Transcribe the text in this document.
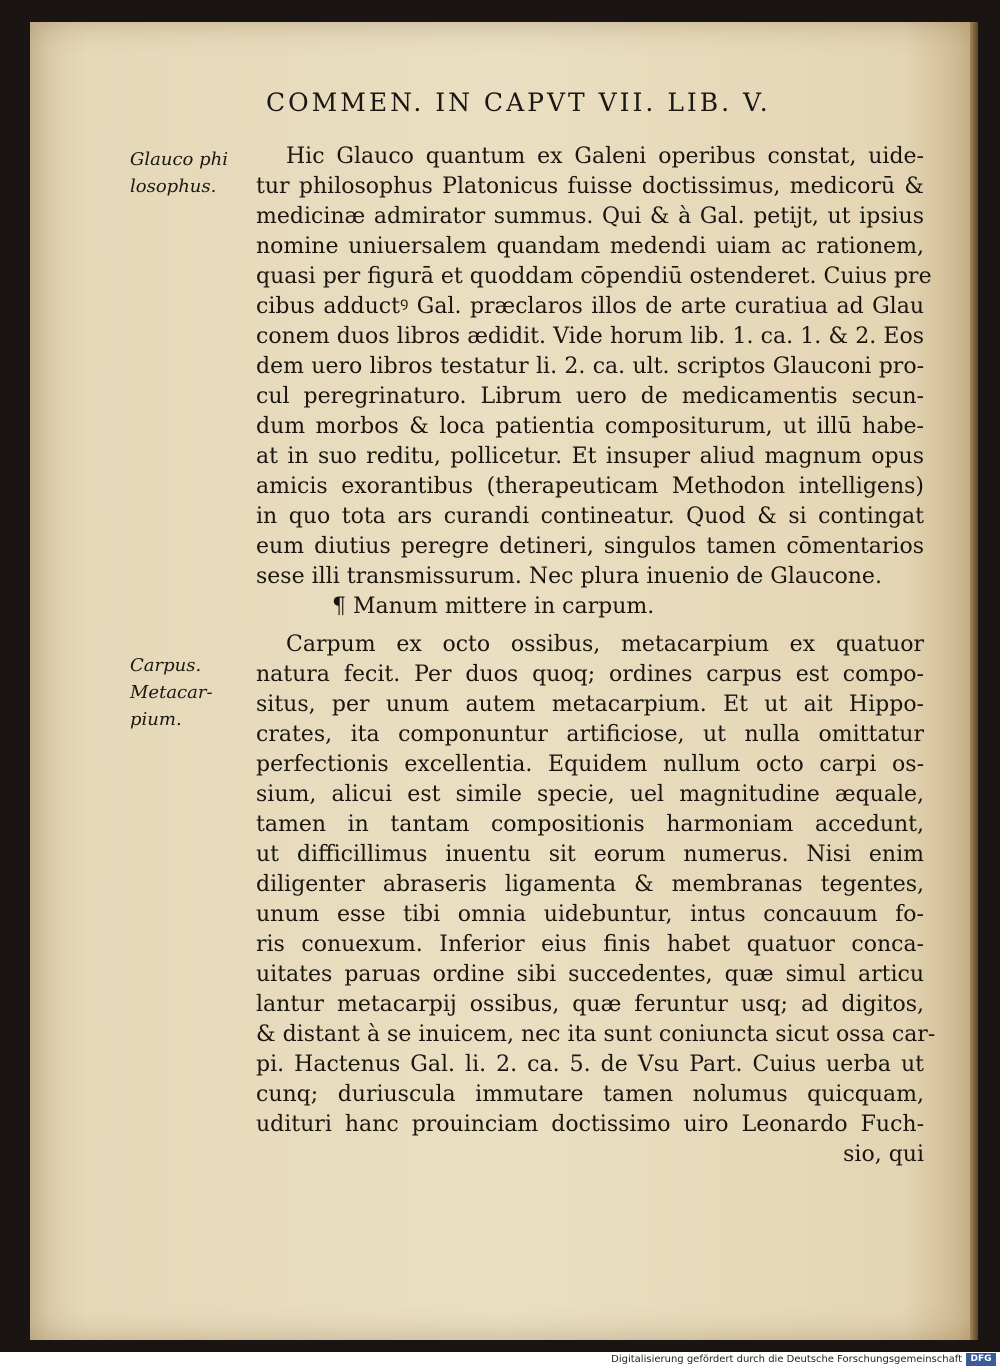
COMMEN. IN CAPVT VII. LIB. V.
Glauco phi
losophus.
Carpus.
Metacar-
pium.
Hic Glauco quantum ex Galeni operibus constat, uide-
tur philosophus Platonicus fuisse doctissimus, medicorū &
medicinæ admirator summus. Qui & à Gal. petijt, ut ipsius
nomine uniuersalem quandam medendi uiam ac rationem,
quasi per figurā et quoddam cōpendiū ostenderet. Cuius pre
cibus adductꝰ Gal. præclaros illos de arte curatiua ad Glau
conem duos libros ædidit. Vide horum lib. 1. ca. 1. & 2. Eos
dem uero libros testatur li. 2. ca. ult. scriptos Glauconi pro-
cul peregrinaturo. Librum uero de medicamentis secun-
dum morbos & loca patientia compositurum, ut illū habe-
at in suo reditu, pollicetur. Et insuper aliud magnum opus
amicis exorantibus (therapeuticam Methodon intelligens)
in quo tota ars curandi contineatur. Quod & si contingat
eum diutius peregre detineri, singulos tamen cōmentarios
sese illi transmissurum. Nec plura inuenio de Glaucone.
¶ Manum mittere in carpum.
Carpum ex octo ossibus, metacarpium ex quatuor
natura fecit. Per duos quoq; ordines carpus est compo-
situs, per unum autem metacarpium. Et ut ait Hippo-
crates, ita componuntur artificiose, ut nulla omittatur
perfectionis excellentia. Equidem nullum octo carpi os-
sium, alicui est simile specie, uel magnitudine æquale,
tamen in tantam compositionis harmoniam accedunt,
ut difficillimus inuentu sit eorum numerus. Nisi enim
diligenter abraseris ligamenta & membranas tegentes,
unum esse tibi omnia uidebuntur, intus concauum fo-
ris conuexum. Inferior eius finis habet quatuor conca-
uitates paruas ordine sibi succedentes, quæ simul articu
lantur metacarpij ossibus, quæ feruntur usq; ad digitos,
& distant à se inuicem, nec ita sunt coniuncta sicut ossa car-
pi. Hactenus Gal. li. 2. ca. 5. de Vsu Part. Cuius uerba ut
cunq; duriuscula immutare tamen nolumus quicquam,
udituri hanc prouinciam doctissimo uiro Leonardo Fuch-
sio, qui
Digitalisierung gefördert durch die Deutsche Forschungsgemeinschaft DFG
